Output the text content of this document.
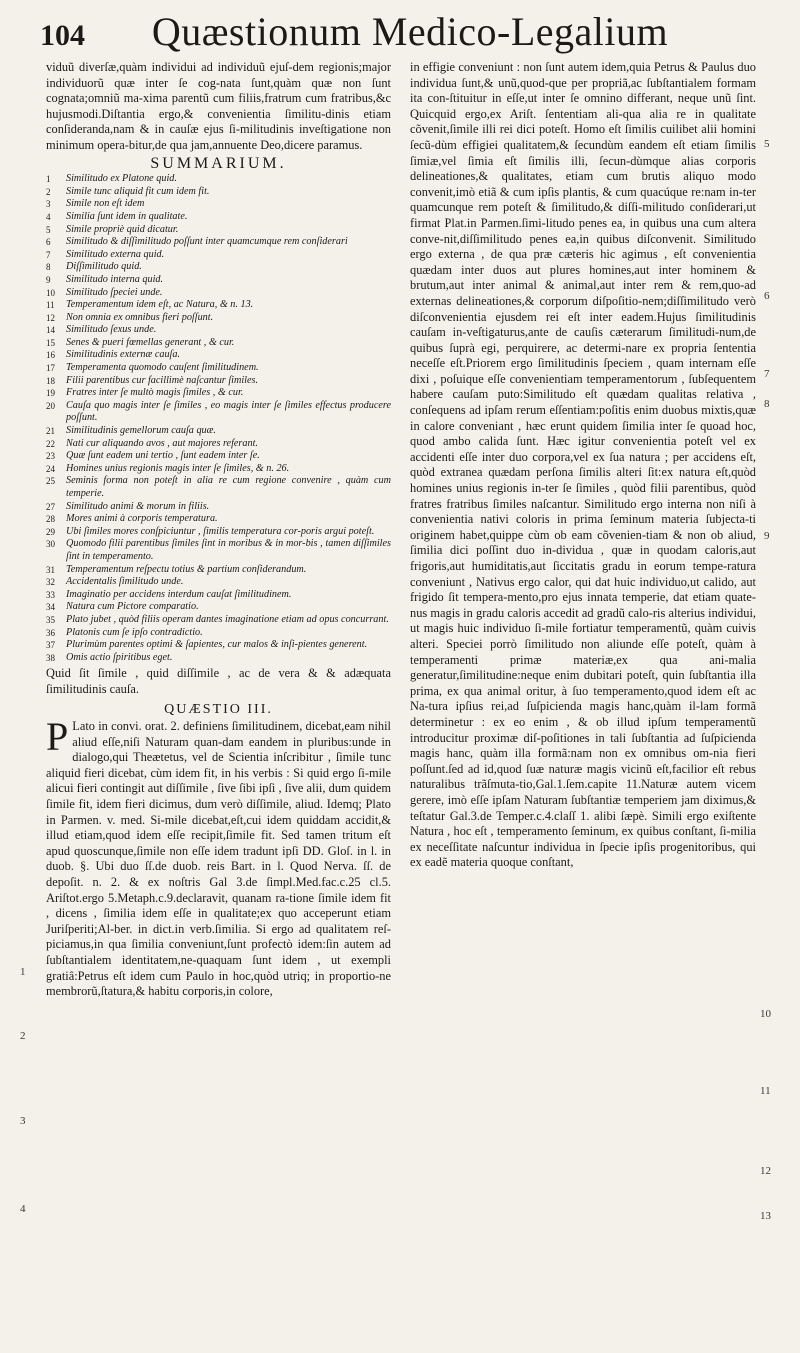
104	Quæstionum Medico-Legalium

viduũ diverſæ,quàm individui ad individuũ ejuſ-dem regionis;major individuorũ quæ inter ſe cog-nata ſunt,quàm quæ non ſunt cognata;omniũ ma-xima parentũ cum filiis,fratrum cum fratribus,&c hujusmodi.Diſtantia ergo,& convenientia ſimilitu-dinis etiam conſideranda,nam & in cauſæ ejus ſi-militudinis inveſtigatione non minimum opera-bitur,de qua jam,annuente Deo,dicere paramus.

SUMMARIUM.
1	Similitudo ex Platone quid.
2	Simile tunc aliquid fit cum idem fit.
3	Simile non eſt idem
4	Similia ſunt idem in qualitate.
5	Simile propriè quid dicatur.
6	Similitudo & diſſimilitudo poſſunt inter quamcumque rem conſiderari
7	Similitudo externa quid.
8	Diſſimilitudo quid.
9	Similitudo interna quid.
10	Similitudo ſpeciei unde.
11	Temperamentum idem eſt, ac Natura, & n. 13.
12	Non omnia ex omnibus fieri poſſunt.
14	Similitudo ſexus unde.
15	Senes & pueri fœmellas generant , & cur.
16	Similitudinis externæ cauſa.
17	Temperamenta quomodo cauſent ſimilitudinem.
18	Filii parentibus cur facillimè naſcantur ſimiles.
19	Fratres inter ſe multò magis ſimiles , & cur.
20	Cauſa quo magis inter ſe ſimiles , eo magis inter ſe ſimiles effectus producere poſſunt.
21	Similitudinis gemellorum cauſa quæ.
22	Nati cur aliquando avos , aut majores referant.
23	Quæ ſunt eadem uni tertio , ſunt eadem inter ſe.
24	Homines unius regionis magis inter ſe ſimiles, & n. 26.
25	Seminis forma non poteſt in alia re cum regione convenire , quàm cum temperie.
27	Similitudo animi & morum in filiis.
28	Mores animi à corporis temperatura.
29	Ubi ſimiles mores conſpiciuntur , ſimilis temperatura cor-poris argui poteſt.
30	Quomodo filii parentibus ſimiles ſint in moribus & in mor-bis , tamen diſſimiles ſint in temperamento.
31	Temperamentum reſpectu totius & partium conſiderandum.
32	Accidentalis ſimilitudo unde.
33	Imaginatio per accidens interdum cauſat ſimilitudinem.
34	Natura cum Pictore comparatio.
35	Plato jubet , quòd filiis operam dantes imaginatione etiam ad opus concurrant.
36	Platonis cum ſe ipſo contradictio.
37	Plurimùm parentes optimi & ſapientes, cur malos & inſi-pientes generent.
38	Omis actio ſpiritibus eget.

Quid ſit ſimile , quid diſſimile , ac de vera & & adæquata ſimilitudinis cauſa.

QUÆSTIO III.

P Lato in convi. orat. 2. definiens ſimilitudinem, dicebat,eam nihil aliud eſſe,niſi Naturam quan-dam eandem in pluribus:unde in dialogo,qui Theætetus, vel de Scientia inſcribitur , ſimile tunc aliquid fieri dicebat, cùm idem fit, in his verbis : Si quid ergo ſi-mile alicui fieri contingit aut diſſimile , ſive ſibi ipſi , ſive alii, dum quidem ſimile fit, idem fieri dicimus, dum verò diſſimile, aliud. Idemq; Plato in Parmen. v. med. Si-mile dicebat,eſt,cui idem quiddam accidit,& illud etiam,quod idem eſſe recipit,ſimile fit. Sed tamen tritum eſt apud quoscunque,ſimile non eſſe idem tradunt ipſi DD. Gloſ. in l. in duob. §. Ubi duo ſſ.de duob. reis Bart. in l. Quod Nerva. ſſ. de depoſit. n. 2. & ex noſtris Gal 3.de ſimpl.Med.fac.c.25 cl.5. Ariſtot.ergo 5.Metaph.c.9.declaravit, quanam ra-tione ſimile idem fit , dicens , ſimilia idem eſſe in qualitate;ex quo acceperunt etiam Juriſperiti;Al-ber. in dict.in verb.ſimilia. Si ergo ad qualitatem reſ-piciamus,in qua ſimilia conveniunt,ſunt profectò idem:ſin autem ad ſubſtantialem identitatem,ne-quaquam ſunt idem , ut exempli gratiâ:Petrus eſt idem cum Paulo in hoc,quòd utriq; in proportio-ne membrorũ,ſtatura,& habitu corporis,in colore,

in effigie conveniunt : non ſunt autem idem,quia Petrus & Paulus duo individua ſunt,& unũ,quod-que per propriã,ac ſubſtantialem formam ita con-ſtituitur in eſſe,ut inter ſe omnino differant, neque unũ ſint. Quicquid ergo,ex Ariſt. ſententiam ali-qua alia re in qualitate cõvenit,ſimile illi rei dici poteſt. Homo eſt ſimilis cuilibet alii homini ſecũ-dùm effigiei qualitatem,& ſecundùm eandem eſt etiam ſimilis ſimiæ,vel ſimia eſt ſimilis illi, ſecun-dùmque alias corporis delineationes,& qualitates, etiam cum brutis aliquo modo convenit,imò etiã & cum ipſis plantis, & cum quacúque re:nam in-ter quamcunque rem poteſt & ſimilitudo,& diſſi-militudo conſiderari,ut firmat Plat.in Parmen.ſimi-litudo penes ea, in quibus una cum altera conve-nit,diſſimilitudo penes ea,in quibus diſconvenit. Similitudo ergo externa , de qua præ cæteris hic agimus , eſt convenientia quædam inter duos aut plures homines,aut inter hominem & brutum,aut inter animal & animal,aut inter rem & rem,quo-ad externas delineationes,& corporum diſpoſitio-nem;diſſimilitudo verò diſconvenientia ejusdem rei eſt inter eadem.Hujus ſimilitudinis cauſam in-veſtigaturus,ante de cauſis cæterarum ſimilitudi-num,de quibus ſuprà egi, perquirere, ac determi-nare ex propria ſententia neceſſe eſt.Priorem ergo ſimilitudinis ſpeciem , quam internam eſſe dixi , poſuique eſſe convenientiam temperamentorum , ſubſequentem habere cauſam puto:Similitudo eſt quædam qualitas relativa , conſequens ad ipſam rerum eſſentiam:poſitis enim duobus mixtis,quæ in calore conveniant , hæc erunt quidem ſimilia inter ſe quoad hoc, quod ambo calida ſunt. Hæc igitur convenientia poteſt vel ex accidenti eſſe inter duo corpora,vel ex ſua natura ; per accidens eſt, quòd extranea quædam perſona ſimilis alteri ſit:ex natura eſt,quòd homines unius regionis in-ter ſe ſimiles , quòd filii parentibus, quòd fratres fratribus ſimiles naſcantur. Similitudo ergo interna non niſi à convenientia nativi coloris in prima ſeminum materia ſubjecta-ti originem habet,quippe cùm ob eam cõvenien-tiam & non ob aliud, ſimilia dici poſſint duo in-dividua , quæ in quodam caloris,aut frigoris,aut humiditatis,aut ſiccitatis gradu in eorum tempe-ratura conveniunt , Nativus ergo calor, qui dat huic individuo,ut calido, aut frigido ſit tempera-mento,pro ejus innata temperie, dat etiam quate-nus magis in gradu caloris accedit ad gradũ calo-ris alterius individui, ut magis huic individuo ſi-mile fortiatur temperamentũ, quàm cuivis alteri. Speciei porrò ſimilitudo non aliunde eſſe poteſt, quàm à temperamenti primæ materiæ,ex qua ani-malia generatur,ſimilitudine:neque enim dubitari poteſt, quin ſubſtantia illa prima, ex qua animal oritur, à ſuo temperamento,quod idem eſt ac Na-tura ipſius rei,ad ſuſpicienda magis hanc,quàm il-lam formã determinetur : ex eo enim , & ob illud ipſum temperamentũ introducitur proximæ diſ-poſitiones in tali ſubſtantia ad ſuſpicienda magis hanc, quàm illa formã:nam non ex omnibus om-nia fieri poſſunt.ſed ad id,quod ſuæ naturæ magis vicinũ eſt,facilior eſt rebus naturalibus trãſmuta-tio,Gal.1.ſem.capite 11.Naturæ autem vicem gerere, imò eſſe ipſam Naturam ſubſtantiæ temperiem jam diximus,& teſtatur Gal.3.de Temper.c.4.claſſ 1. alibi ſæpè. Simili ergo exiſtente Natura , hoc eſt , temperamento ſeminum, ex quibus conſtant, ſi-milia ex neceſſitate naſcuntur individua in ſpecie ipſis progenitoribus, qui ex eadẽ materia quoque conſtant,

1
2
3
4
5
6
7
8
9
10
11
12
13
